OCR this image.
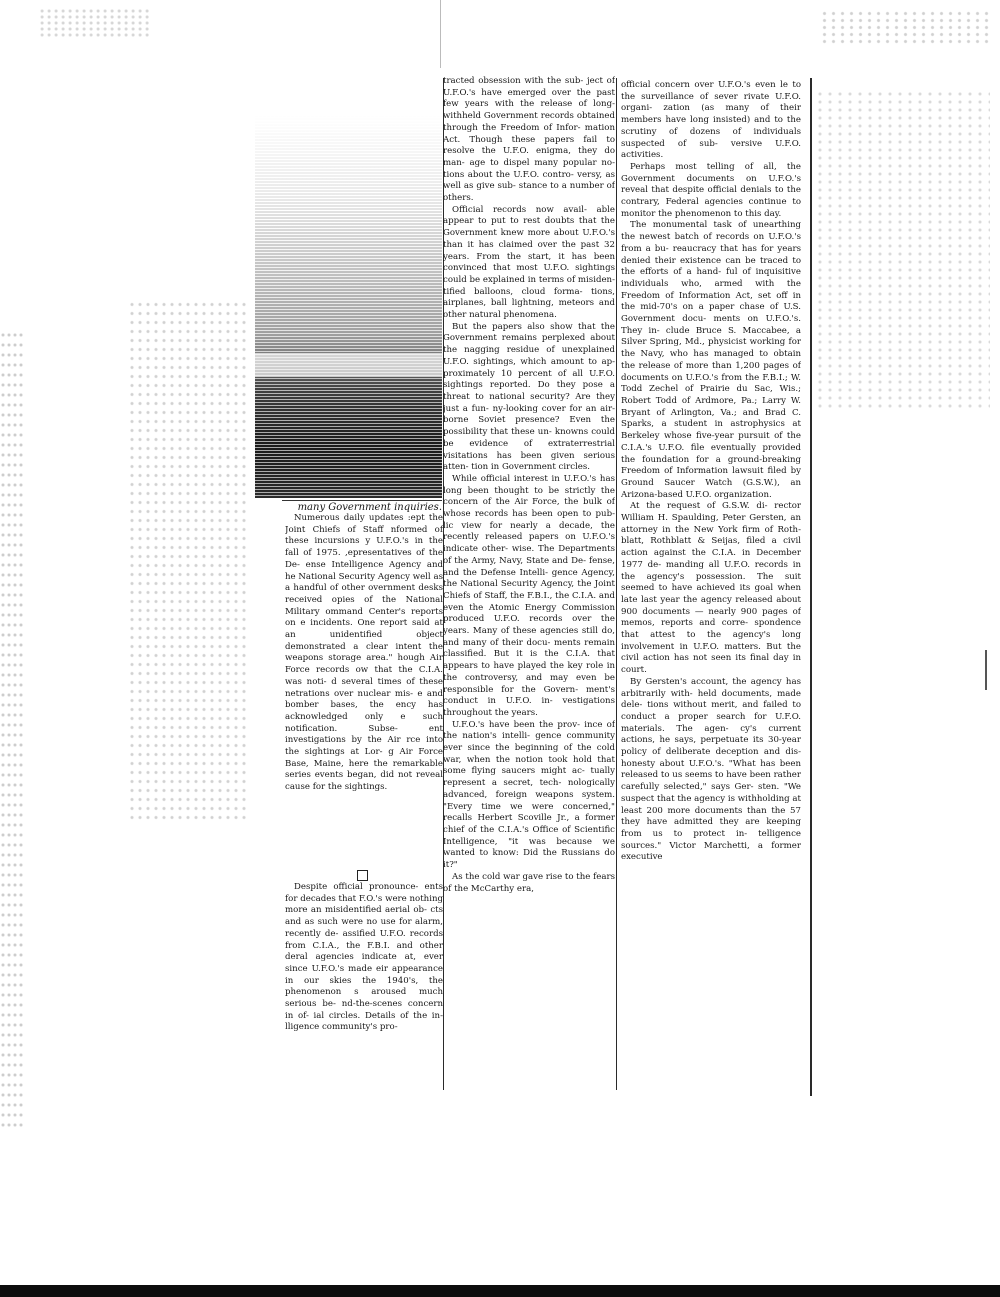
many Government inquiries.

Numerous daily updates :ept the Joint Chiefs of Staff nformed of these incursions y U.F.O.'s in the fall of 1975. ,epresentatives of the De- ense Intelligence Agency and he National Security Agency well as a handful of other overnment desks received opies of the National Military ommand Center's reports on e incidents. One report said at an unidentified object demonstrated a clear intent the weapons storage area." hough Air Force records ow that the C.I.A. was noti- d several times of these netrations over nuclear mis- e and bomber bases, the ency has acknowledged only e such notification. Subse- ent investigations by the Air rce into the sightings at Lor- g Air Force Base, Maine, here the remarkable series events began, did not reveal cause for the sightings.

Despite official pronounce- ents for decades that F.O.'s were nothing more an misidentified aerial ob- cts and as such were no use for alarm, recently de- assified U.F.O. records from C.I.A., the F.B.I. and other deral agencies indicate at, ever since U.F.O.'s made eir appearance in our skies the 1940's, the phenomenon s aroused much serious be- nd-the-scenes concern in of- ial circles. Details of the in- lligence community's pro-

tracted obsession with the sub- ject of U.F.O.'s have emerged over the past few years with the release of long-withheld Government records obtained through the Freedom of Infor- mation Act. Though these papers fail to resolve the U.F.O. enigma, they do man- age to dispel many popular no- tions about the U.F.O. contro- versy, as well as give sub- stance to a number of others.

Official records now avail- able appear to put to rest doubts that the Government knew more about U.F.O.'s than it has claimed over the past 32 years. From the start, it has been convinced that most U.F.O. sightings could be explained in terms of misiden- tified balloons, cloud forma- tions, airplanes, ball lightning, meteors and other natural phenomena.

But the papers also show that the Government remains perplexed about the nagging residue of unexplained U.F.O. sightings, which amount to ap- proximately 10 percent of all U.F.O. sightings reported. Do they pose a threat to national security? Are they just a fun- ny-looking cover for an air- borne Soviet presence? Even the possibility that these un- knowns could be evidence of extraterrestrial visitations has been given serious atten- tion in Government circles.

While official interest in U.F.O.'s has long been thought to be strictly the concern of the Air Force, the bulk of whose records has been open to pub- lic view for nearly a decade, the recently released papers on U.F.O.'s indicate other- wise. The Departments of the Army, Navy, State and De- fense, and the Defense Intelli- gence Agency, the National Security Agency, the Joint Chiefs of Staff, the F.B.I., the C.I.A. and even the Atomic Energy Commission produced U.F.O. records over the years. Many of these agencies still do, and many of their docu- ments remain classified. But it is the C.I.A. that appears to have played the key role in the controversy, and may even be responsible for the Govern- ment's conduct in U.F.O. in- vestigations throughout the years.

U.F.O.'s have been the prov- ince of the nation's intelli- gence community ever since the beginning of the cold war, when the notion took hold that some flying saucers might ac- tually represent a secret, tech- nologically advanced, foreign weapons system. "Every time we were concerned," recalls Herbert Scoville Jr., a former chief of the C.I.A.'s Office of Scientific Intelligence, "it was because we wanted to know: Did the Russians do it?"

As the cold war gave rise to the fears of the McCarthy era,

official concern over U.F.O.'s even le to the surveillance of sever rivate U.F.O. organi- zation (as many of their members have long insisted) and to the scrutiny of dozens of individuals suspected of sub- versive U.F.O. activities.

Perhaps most telling of all, the Government documents on U.F.O.'s reveal that despite official denials to the contrary, Federal agencies continue to monitor the phenomenon to this day.

The monumental task of unearthing the newest batch of records on U.F.O.'s from a bu- reaucracy that has for years denied their existence can be traced to the efforts of a hand- ful of inquisitive individuals who, armed with the Freedom of Information Act, set off in the mid-70's on a paper chase of U.S. Government docu- ments on U.F.O.'s. They in- clude Bruce S. Maccabee, a Silver Spring, Md., physicist working for the Navy, who has managed to obtain the release of more than 1,200 pages of documents on U.F.O.'s from the F.B.I.; W. Todd Zechel of Prairie du Sac, Wis.; Robert Todd of Ardmore, Pa.; Larry W. Bryant of Arlington, Va.; and Brad C. Sparks, a student in astrophysics at Berkeley whose five-year pursuit of the C.I.A.'s U.F.O. file eventually provided the foundation for a ground-breaking Freedom of Information lawsuit filed by Ground Saucer Watch (G.S.W.), an Arizona-based U.F.O. organization.

At the request of G.S.W. di- rector William H. Spaulding, Peter Gersten, an attorney in the New York firm of Roth- blatt, Rothblatt & Seijas, filed a civil action against the C.I.A. in December 1977 de- manding all U.F.O. records in the agency's possession. The suit seemed to have achieved its goal when late last year the agency released about 900 documents — nearly 900 pages of memos, reports and corre- spondence that attest to the agency's long involvement in U.F.O. matters. But the civil action has not seen its final day in court.

By Gersten's account, the agency has arbitrarily with- held documents, made dele- tions without merit, and failed to conduct a proper search for U.F.O. materials. The agen- cy's current actions, he says, perpetuate its 30-year policy of deliberate deception and dis- honesty about U.F.O.'s. "What has been released to us seems to have been rather carefully selected," says Ger- sten. "We suspect that the agency is withholding at least 200 more documents than the 57 they have admitted they are keeping from us to protect in- telligence sources." Victor Marchetti, a former executive
